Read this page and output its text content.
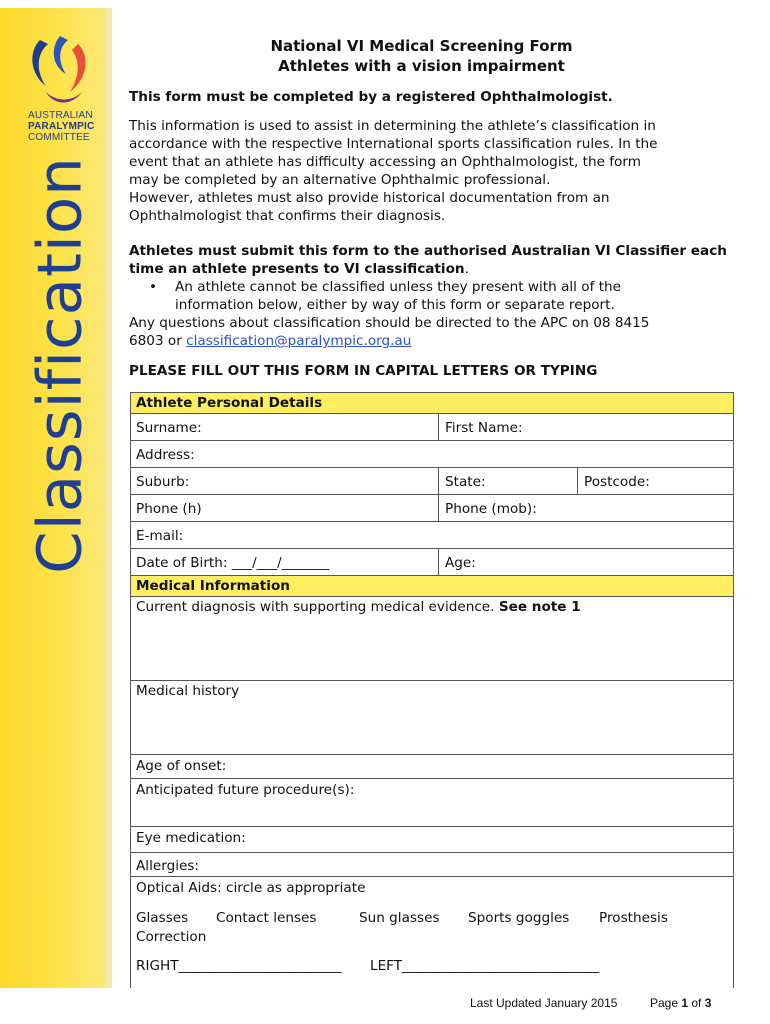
AUSTRALIAN
PARALYMPIC
COMMITTEE
Classification
National VI Medical Screening Form
Athletes with a vision impairment
This form must be completed by a registered Ophthalmologist.
This information is used to assist in determining the athlete’s classification in
accordance with the respective International sports classification rules. In the
event that an athlete has difficulty accessing an Ophthalmologist, the form
may be completed by an alternative Ophthalmic professional.
However, athletes must also provide historical documentation from an
Ophthalmologist that confirms their diagnosis.
Athletes must submit this form to the authorised Australian VI Classifier each
time an athlete presents to VI classification.
• An athlete cannot be classified unless they present with all of the
information below, either by way of this form or separate report.
Any questions about classification should be directed to the APC on 08 8415
6803 or classification@paralympic.org.au
PLEASE FILL OUT THIS FORM IN CAPITAL LETTERS OR TYPING
Athlete Personal Details
Surname:	First Name:
Address:
Suburb:	State:	Postcode:
Phone (h)	Phone (mob):
E-mail:
Date of Birth: ___/___/_______	Age:
Medical Information
Current diagnosis with supporting medical evidence. See note 1
Medical history
Age of onset:
Anticipated future procedure(s):
Eye medication:
Allergies:
Optical Aids: circle as appropriate
Glasses Contact lenses	Sun glasses Sports goggles Prosthesis
Correction
RIGHT________________________ LEFT_____________________________
Last Updated January 2015	Page 1 of 3
